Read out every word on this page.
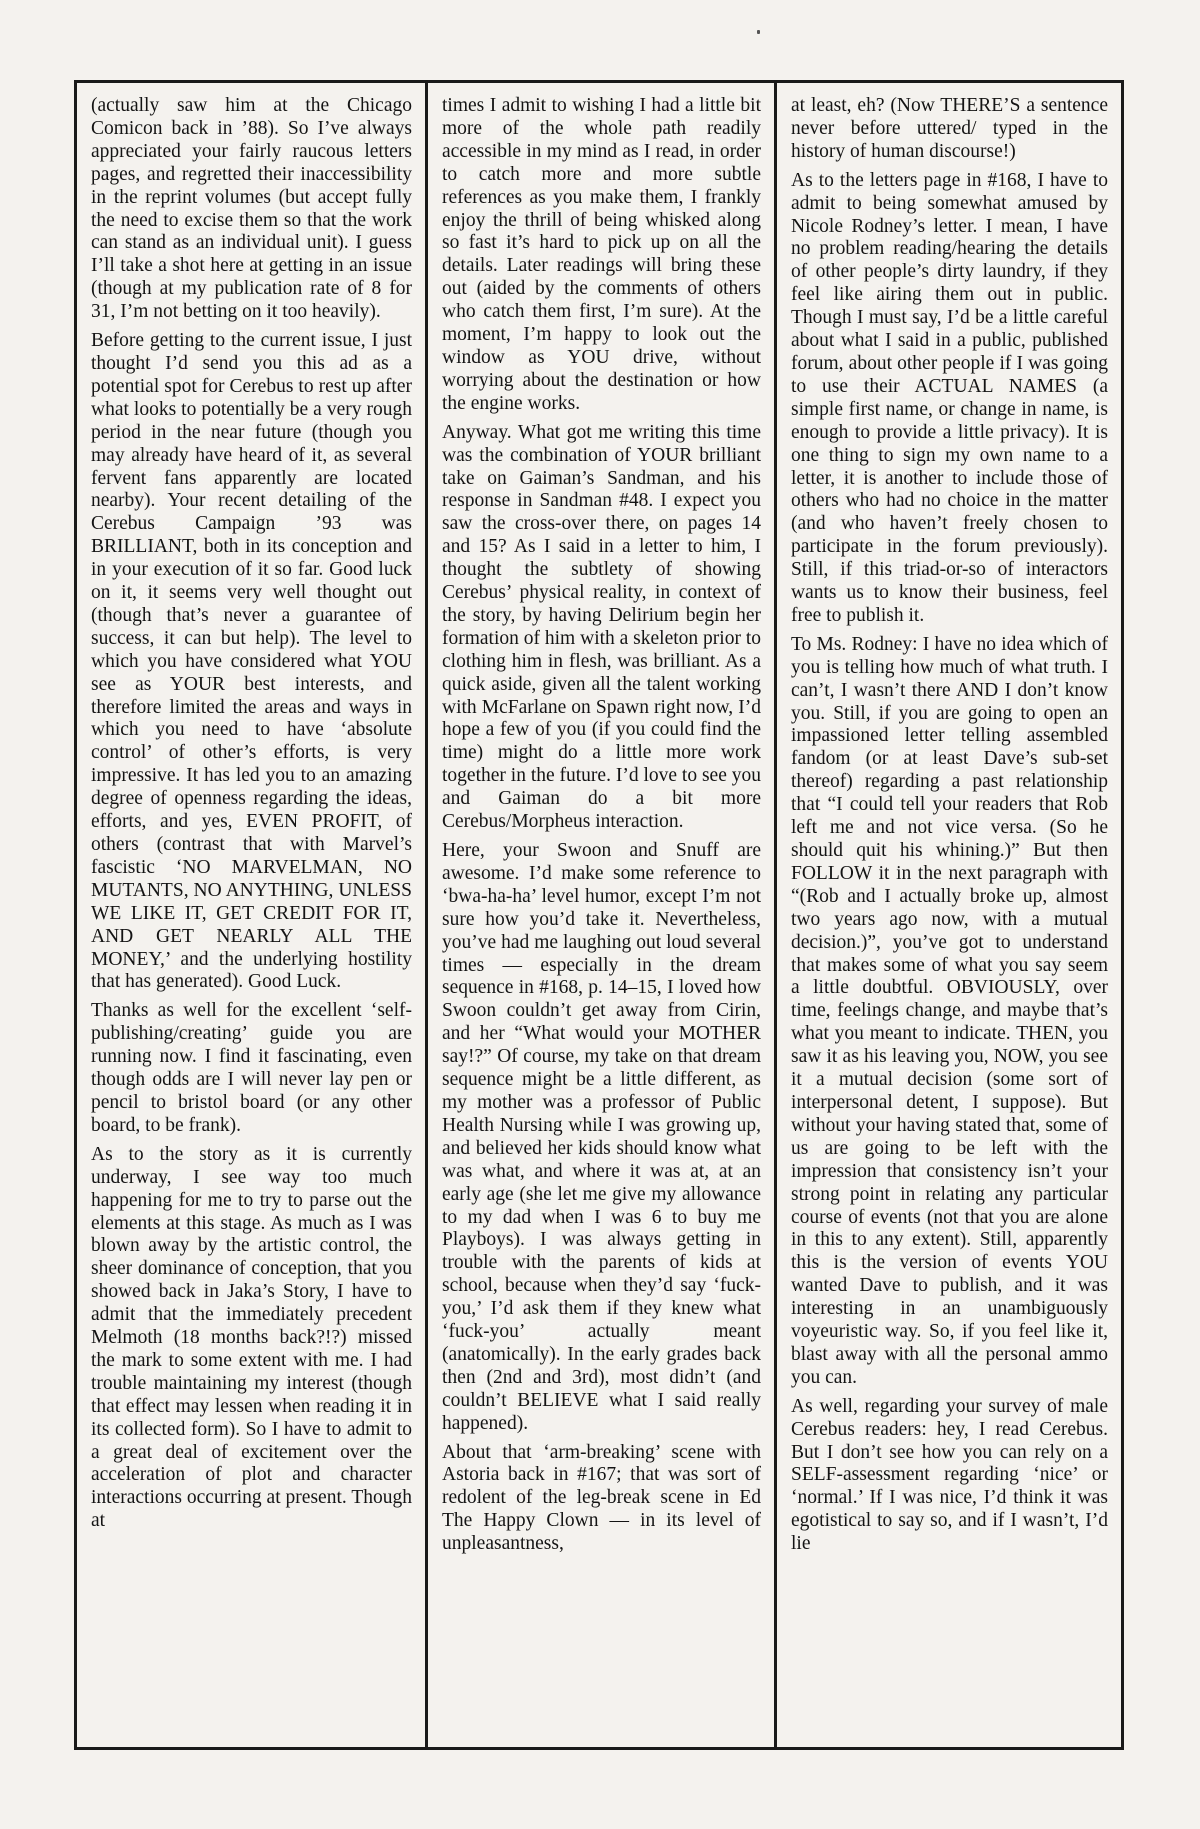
(actually saw him at the Chicago Comicon back in ’88). So I’ve always appreciated your fairly raucous letters pages, and regretted their inaccessibility in the reprint volumes (but accept fully the need to excise them so that the work can stand as an individual unit). I guess I’ll take a shot here at getting in an issue (though at my publication rate of 8 for 31, I’m not betting on it too heavily).

Before getting to the current issue, I just thought I’d send you this ad as a potential spot for Cerebus to rest up after what looks to potentially be a very rough period in the near future (though you may already have heard of it, as several fervent fans apparently are located nearby). Your recent detailing of the Cerebus Campaign ’93 was BRILLIANT, both in its conception and in your execution of it so far. Good luck on it, it seems very well thought out (though that’s never a guarantee of success, it can but help). The level to which you have considered what YOU see as YOUR best interests, and therefore limited the areas and ways in which you need to have ‘absolute control’ of other’s efforts, is very impressive. It has led you to an amazing degree of openness regarding the ideas, efforts, and yes, EVEN PROFIT, of others (contrast that with Marvel’s fascistic ‘NO MARVELMAN, NO MUTANTS, NO ANYTHING, UNLESS WE LIKE IT, GET CREDIT FOR IT, AND GET NEARLY ALL THE MONEY,’ and the underlying hostility that has generated). Good Luck.

Thanks as well for the excellent ‘self-publishing/creating’ guide you are running now. I find it fascinating, even though odds are I will never lay pen or pencil to bristol board (or any other board, to be frank).

As to the story as it is currently underway, I see way too much happening for me to try to parse out the elements at this stage. As much as I was blown away by the artistic control, the sheer dominance of conception, that you showed back in Jaka’s Story, I have to admit that the immediately precedent Melmoth (18 months back?!?) missed the mark to some extent with me. I had trouble maintaining my interest (though that effect may lessen when reading it in its collected form). So I have to admit to a great deal of excitement over the acceleration of plot and character interactions occurring at present. Though at

times I admit to wishing I had a little bit more of the whole path readily accessible in my mind as I read, in order to catch more and more subtle references as you make them, I frankly enjoy the thrill of being whisked along so fast it’s hard to pick up on all the details. Later readings will bring these out (aided by the comments of others who catch them first, I’m sure). At the moment, I’m happy to look out the window as YOU drive, without worrying about the destination or how the engine works.

Anyway. What got me writing this time was the combination of YOUR brilliant take on Gaiman’s Sandman, and his response in Sandman #48. I expect you saw the cross-over there, on pages 14 and 15? As I said in a letter to him, I thought the subtlety of showing Cerebus’ physical reality, in context of the story, by having Delirium begin her formation of him with a skeleton prior to clothing him in flesh, was brilliant. As a quick aside, given all the talent working with McFarlane on Spawn right now, I’d hope a few of you (if you could find the time) might do a little more work together in the future. I’d love to see you and Gaiman do a bit more Cerebus/Morpheus interaction.

Here, your Swoon and Snuff are awesome. I’d make some reference to ‘bwa-ha-ha’ level humor, except I’m not sure how you’d take it. Nevertheless, you’ve had me laughing out loud several times — especially in the dream sequence in #168, p. 14–15, I loved how Swoon couldn’t get away from Cirin, and her “What would your MOTHER say!?” Of course, my take on that dream sequence might be a little different, as my mother was a professor of Public Health Nursing while I was growing up, and believed her kids should know what was what, and where it was at, at an early age (she let me give my allowance to my dad when I was 6 to buy me Playboys). I was always getting in trouble with the parents of kids at school, because when they’d say ‘fuck-you,’ I’d ask them if they knew what ‘fuck-you’ actually meant (anatomically). In the early grades back then (2nd and 3rd), most didn’t (and couldn’t BELIEVE what I said really happened).

About that ‘arm-breaking’ scene with Astoria back in #167; that was sort of redolent of the leg-break scene in Ed The Happy Clown — in its level of unpleasantness,

at least, eh? (Now THERE’S a sentence never before uttered/ typed in the history of human discourse!)

As to the letters page in #168, I have to admit to being somewhat amused by Nicole Rodney’s letter. I mean, I have no problem reading/hearing the details of other people’s dirty laundry, if they feel like airing them out in public. Though I must say, I’d be a little careful about what I said in a public, published forum, about other people if I was going to use their ACTUAL NAMES (a simple first name, or change in name, is enough to provide a little privacy). It is one thing to sign my own name to a letter, it is another to include those of others who had no choice in the matter (and who haven’t freely chosen to participate in the forum previously). Still, if this triad-or-so of interactors wants us to know their business, feel free to publish it.

To Ms. Rodney: I have no idea which of you is telling how much of what truth. I can’t, I wasn’t there AND I don’t know you. Still, if you are going to open an impassioned letter telling assembled fandom (or at least Dave’s sub-set thereof) regarding a past relationship that “I could tell your readers that Rob left me and not vice versa. (So he should quit his whining.)” But then FOLLOW it in the next paragraph with “(Rob and I actually broke up, almost two years ago now, with a mutual decision.)”, you’ve got to understand that makes some of what you say seem a little doubtful. OBVIOUSLY, over time, feelings change, and maybe that’s what you meant to indicate. THEN, you saw it as his leaving you, NOW, you see it a mutual decision (some sort of interpersonal detent, I suppose). But without your having stated that, some of us are going to be left with the impression that consistency isn’t your strong point in relating any particular course of events (not that you are alone in this to any extent). Still, apparently this is the version of events YOU wanted Dave to publish, and it was interesting in an unambiguously voyeuristic way. So, if you feel like it, blast away with all the personal ammo you can.

As well, regarding your survey of male Cerebus readers: hey, I read Cerebus. But I don’t see how you can rely on a SELF-assessment regarding ‘nice’ or ‘normal.’ If I was nice, I’d think it was egotistical to say so, and if I wasn’t, I’d lie
